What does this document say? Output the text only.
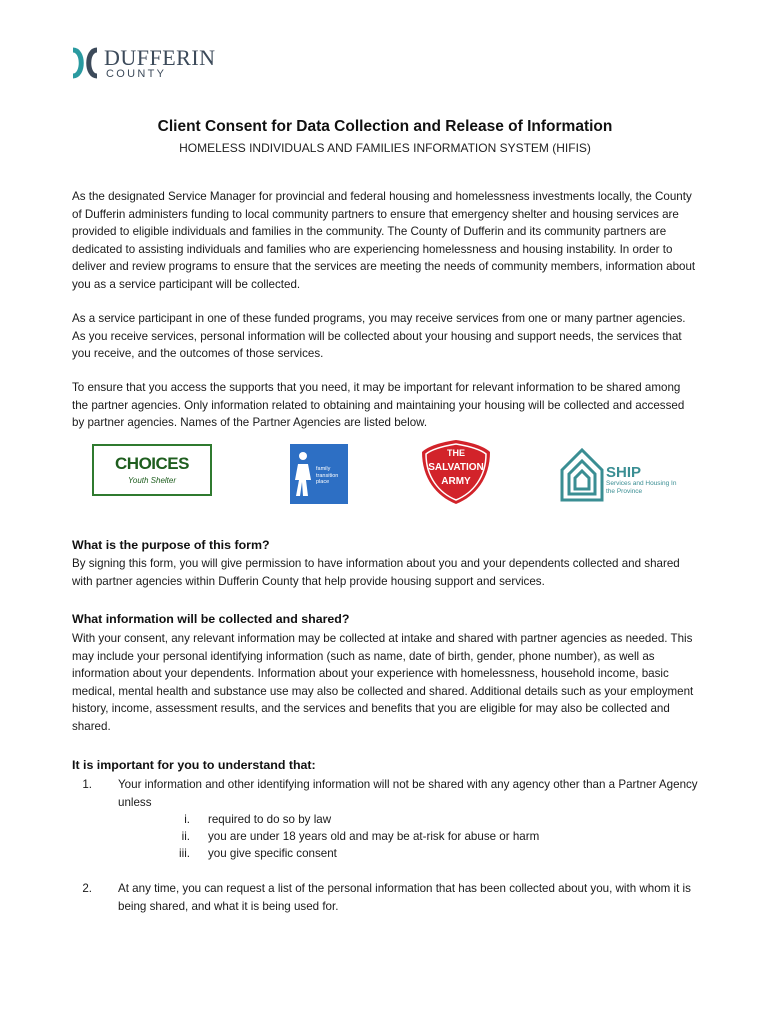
DUFFERIN
COUNTY
Client Consent for Data Collection and Release of Information
HOMELESS INDIVIDUALS AND FAMILIES INFORMATION SYSTEM (HIFIS)

As the designated Service Manager for provincial and federal housing and homelessness investments locally, the County of Dufferin administers funding to local community partners to ensure that emergency shelter and housing services are provided to eligible individuals and families in the community. The County of Dufferin and its community partners are dedicated to assisting individuals and families who are experiencing homelessness and housing instability. In order to deliver and review programs to ensure that the services are meeting the needs of community members, information about you as a service participant will be collected.

As a service participant in one of these funded programs, you may receive services from one or many partner agencies. As you receive services, personal information will be collected about your housing and support needs, the services that you receive, and the outcomes of those services.

To ensure that you access the supports that you need, it may be important for relevant information to be shared among the partner agencies. Only information related to obtaining and maintaining your housing will be collected and accessed by partner agencies. Names of the Partner Agencies are listed below.

CHOICES
Youth Shelter
family transition place
THE
SALVATION
ARMY
SHIP
Services and Housing In the Province

What is the purpose of this form?

By signing this form, you will give permission to have information about you and your dependents collected and shared with partner agencies within Dufferin County that help provide housing support and services.

What information will be collected and shared?

With your consent, any relevant information may be collected at intake and shared with partner agencies as needed. This may include your personal identifying information (such as name, date of birth, gender, phone number), as well as information about your dependents. Information about your experience with homelessness, household income, basic medical, mental health and substance use may also be collected and shared. Additional details such as your employment history, income, assessment results, and the services and benefits that you are eligible for may also be collected and shared.

It is important for you to understand that:

1. Your information and other identifying information will not be shared with any agency other than a Partner Agency unless
i. required to do so by law
ii. you are under 18 years old and may be at-risk for abuse or harm
iii. you give specific consent
2. At any time, you can request a list of the personal information that has been collected about you, with whom it is being shared, and what it is being used for.
